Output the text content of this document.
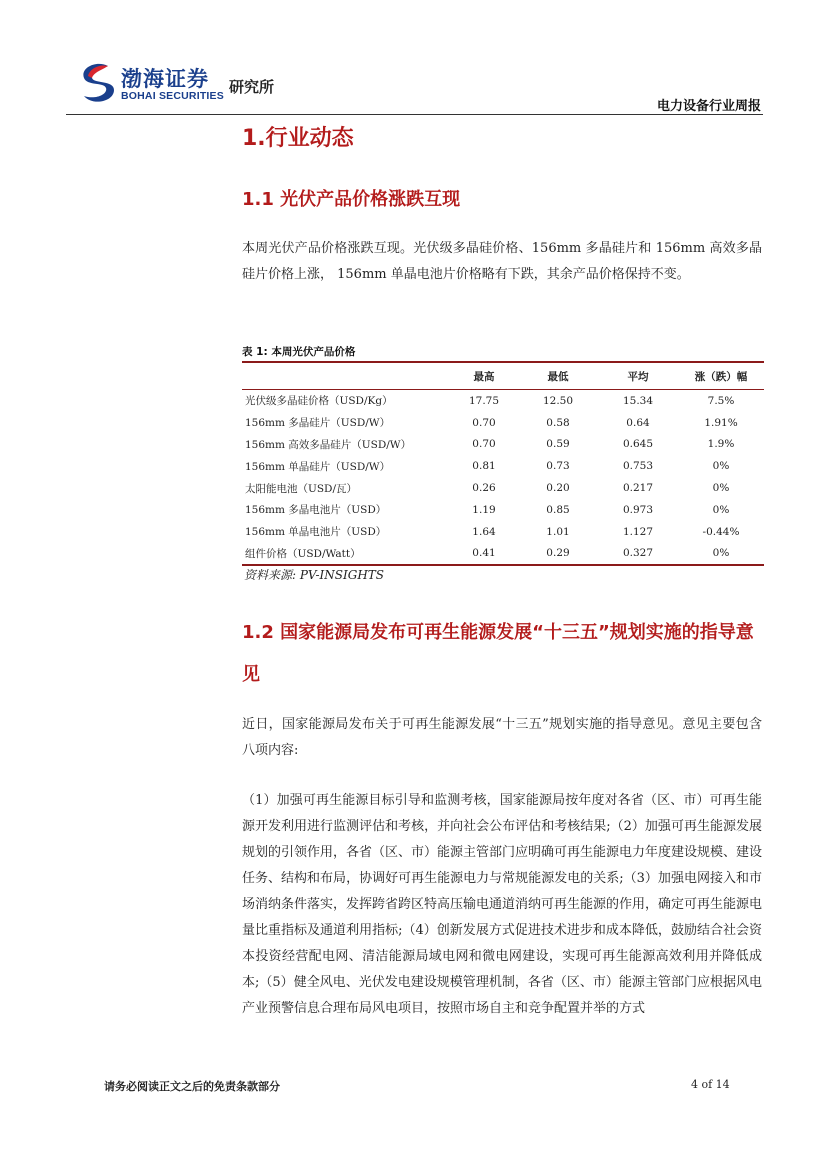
渤海证券
BOHAI SECURITIES 研究所
电力设备行业周报
1.行业动态
1.1 光伏产品价格涨跌互现
本周光伏产品价格涨跌互现。光伏级多晶硅价格、156mm 多晶硅片和 156mm 高效多晶硅片价格上涨， 156mm 单晶电池片价格略有下跌，其余产品价格保持不变。
表 1: 本周光伏产品价格
	最高	最低	平均	涨（跌）幅
光伏级多晶硅价格（USD/Kg）	17.75	12.50	15.34	7.5%
156mm 多晶硅片（USD/W）	0.70	0.58	0.64	1.91%
156mm 高效多晶硅片（USD/W）	0.70	0.59	0.645	1.9%
156mm 单晶硅片（USD/W）	0.81	0.73	0.753	0%
太阳能电池（USD/瓦）	0.26	0.20	0.217	0%
156mm 多晶电池片（USD）	1.19	0.85	0.973	0%
156mm 单晶电池片（USD）	1.64	1.01	1.127	-0.44%
组件价格（USD/Watt）	0.41	0.29	0.327	0%
资料来源: PV-INSIGHTS
1.2 国家能源局发布可再生能源发展“十三五”规划实施的指导意见
近日，国家能源局发布关于可再生能源发展“十三五”规划实施的指导意见。意见主要包含八项内容:
（1）加强可再生能源目标引导和监测考核，国家能源局按年度对各省（区、市）可再生能源开发利用进行监测评估和考核，并向社会公布评估和考核结果;（2）加强可再生能源发展规划的引领作用，各省（区、市）能源主管部门应明确可再生能源电力年度建设规模、建设任务、结构和布局，协调好可再生能源电力与常规能源发电的关系;（3）加强电网接入和市场消纳条件落实，发挥跨省跨区特高压输电通道消纳可再生能源的作用，确定可再生能源电量比重指标及通道利用指标;（4）创新发展方式促进技术进步和成本降低，鼓励结合社会资本投资经营配电网、清洁能源局域电网和微电网建设，实现可再生能源高效利用并降低成本;（5）健全风电、光伏发电建设规模管理机制，各省（区、市）能源主管部门应根据风电产业预警信息合理布局风电项目，按照市场自主和竞争配置并举的方式
请务必阅读正文之后的免责条款部分	4 of 14
